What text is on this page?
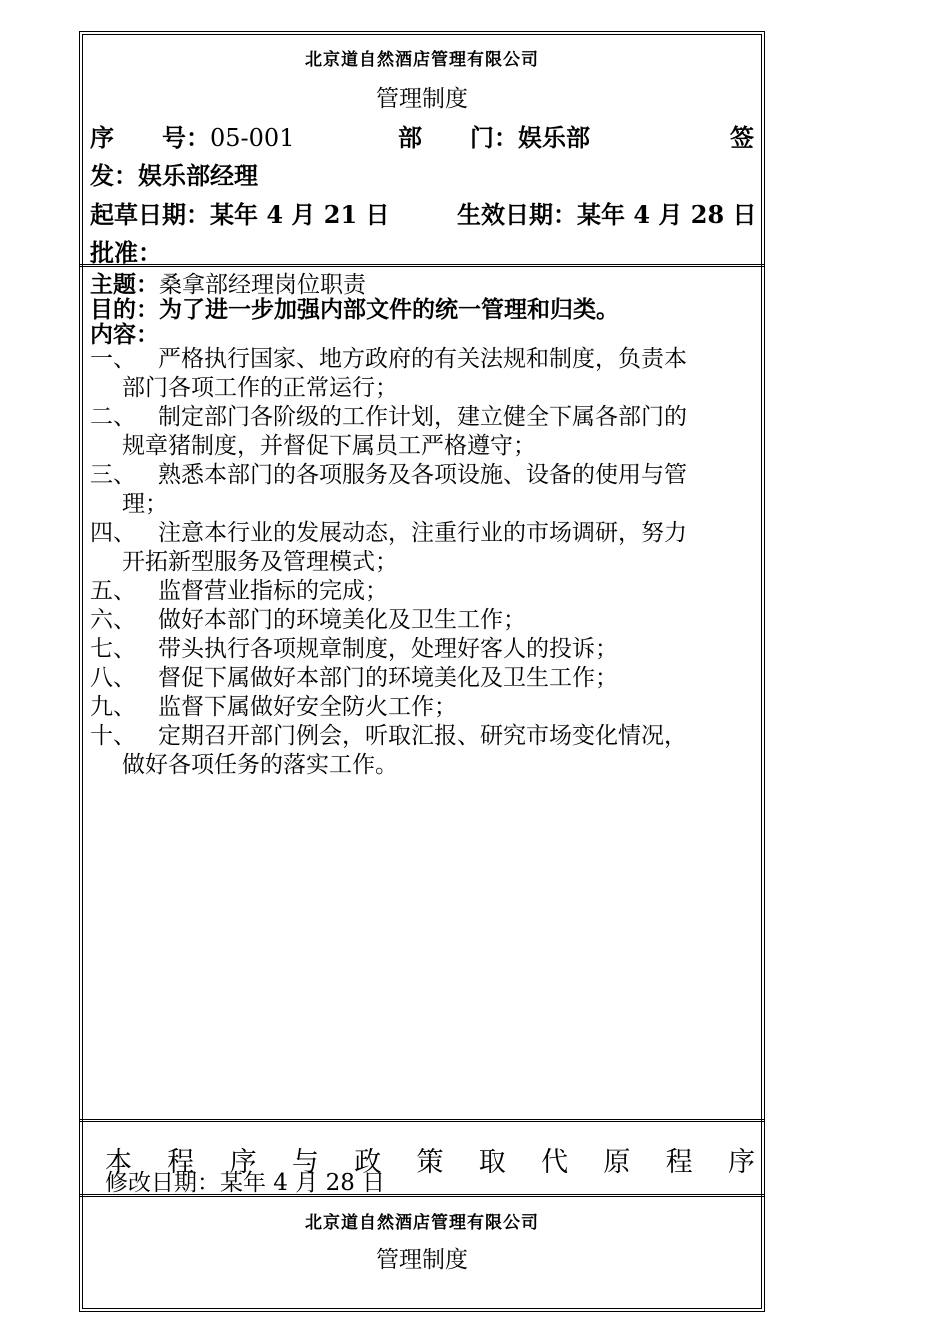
北京道自然酒店管理有限公司
管理制度
序　　号：05-001	部　　门：娱乐部	签
发：娱乐部经理
起草日期：某年 4 月 21 日	生效日期：某年 4 月 28 日
批准：
主题：桑拿部经理岗位职责
目的：为了进一步加强内部文件的统一管理和归类。
内容：
一、 严格执行国家、地方政府的有关法规和制度，负责本
部门各项工作的正常运行；
二、 制定部门各阶级的工作计划，建立健全下属各部门的
规章猪制度，并督促下属员工严格遵守；
三、 熟悉本部门的各项服务及各项设施、设备的使用与管
理；
四、 注意本行业的发展动态，注重行业的市场调研，努力
开拓新型服务及管理模式；
五、 监督营业指标的完成；
六、 做好本部门的环境美化及卫生工作；
七、 带头执行各项规章制度，处理好客人的投诉；
八、 督促下属做好本部门的环境美化及卫生工作；
九、 监督下属做好安全防火工作；
十、 定期召开部门例会，听取汇报、研究市场变化情况，
做好各项任务的落实工作。
本 程 序 与 政 策 取 代 原 程 序
修改日期：某年 4 月 28 日
北京道自然酒店管理有限公司
管理制度
